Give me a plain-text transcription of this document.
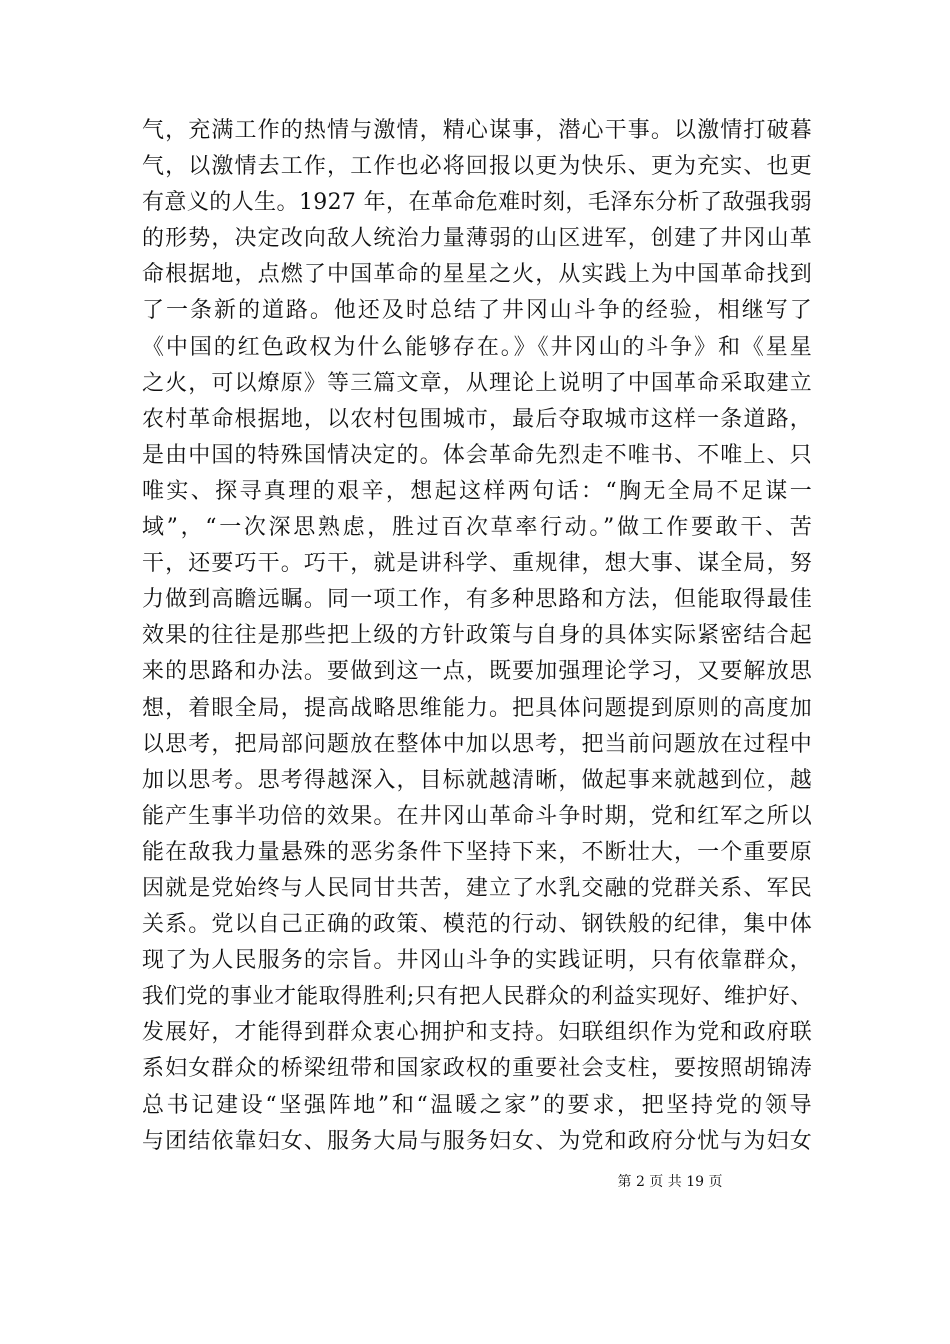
气，充满工作的热情与激情，精心谋事，潜心干事。以激情打破暮
气，以激情去工作，工作也必将回报以更为快乐、更为充实、也更
有意义的人生。1927 年，在革命危难时刻，毛泽东分析了敌强我弱
的形势，决定改向敌人统治力量薄弱的山区进军，创建了井冈山革
命根据地，点燃了中国革命的星星之火，从实践上为中国革命找到
了一条新的道路。他还及时总结了井冈山斗争的经验，相继写了
《中国的红色政权为什么能够存在。》《井冈山的斗争》和《星星
之火，可以燎原》等三篇文章，从理论上说明了中国革命采取建立
农村革命根据地，以农村包围城市，最后夺取城市这样一条道路，
是由中国的特殊国情决定的。体会革命先烈走不唯书、不唯上、只
唯实、探寻真理的艰辛，想起这样两句话：“胸无全局不足谋一
域”，“一次深思熟虑，胜过百次草率行动。”做工作要敢干、苦
干，还要巧干。巧干，就是讲科学、重规律，想大事、谋全局，努
力做到高瞻远瞩。同一项工作，有多种思路和方法，但能取得最佳
效果的往往是那些把上级的方针政策与自身的具体实际紧密结合起
来的思路和办法。要做到这一点，既要加强理论学习，又要解放思
想，着眼全局，提高战略思维能力。把具体问题提到原则的高度加
以思考，把局部问题放在整体中加以思考，把当前问题放在过程中
加以思考。思考得越深入，目标就越清晰，做起事来就越到位，越
能产生事半功倍的效果。在井冈山革命斗争时期，党和红军之所以
能在敌我力量悬殊的恶劣条件下坚持下来，不断壮大，一个重要原
因就是党始终与人民同甘共苦，建立了水乳交融的党群关系、军民
关系。党以自己正确的政策、模范的行动、钢铁般的纪律，集中体
现了为人民服务的宗旨。井冈山斗争的实践证明，只有依靠群众，
我们党的事业才能取得胜利;只有把人民群众的利益实现好、维护好、
发展好，才能得到群众衷心拥护和支持。妇联组织作为党和政府联
系妇女群众的桥梁纽带和国家政权的重要社会支柱，要按照胡锦涛
总书记建设“坚强阵地”和“温暖之家”的要求，把坚持党的领导
与团结依靠妇女、服务大局与服务妇女、为党和政府分忧与为妇女
第 2 页 共 19 页
